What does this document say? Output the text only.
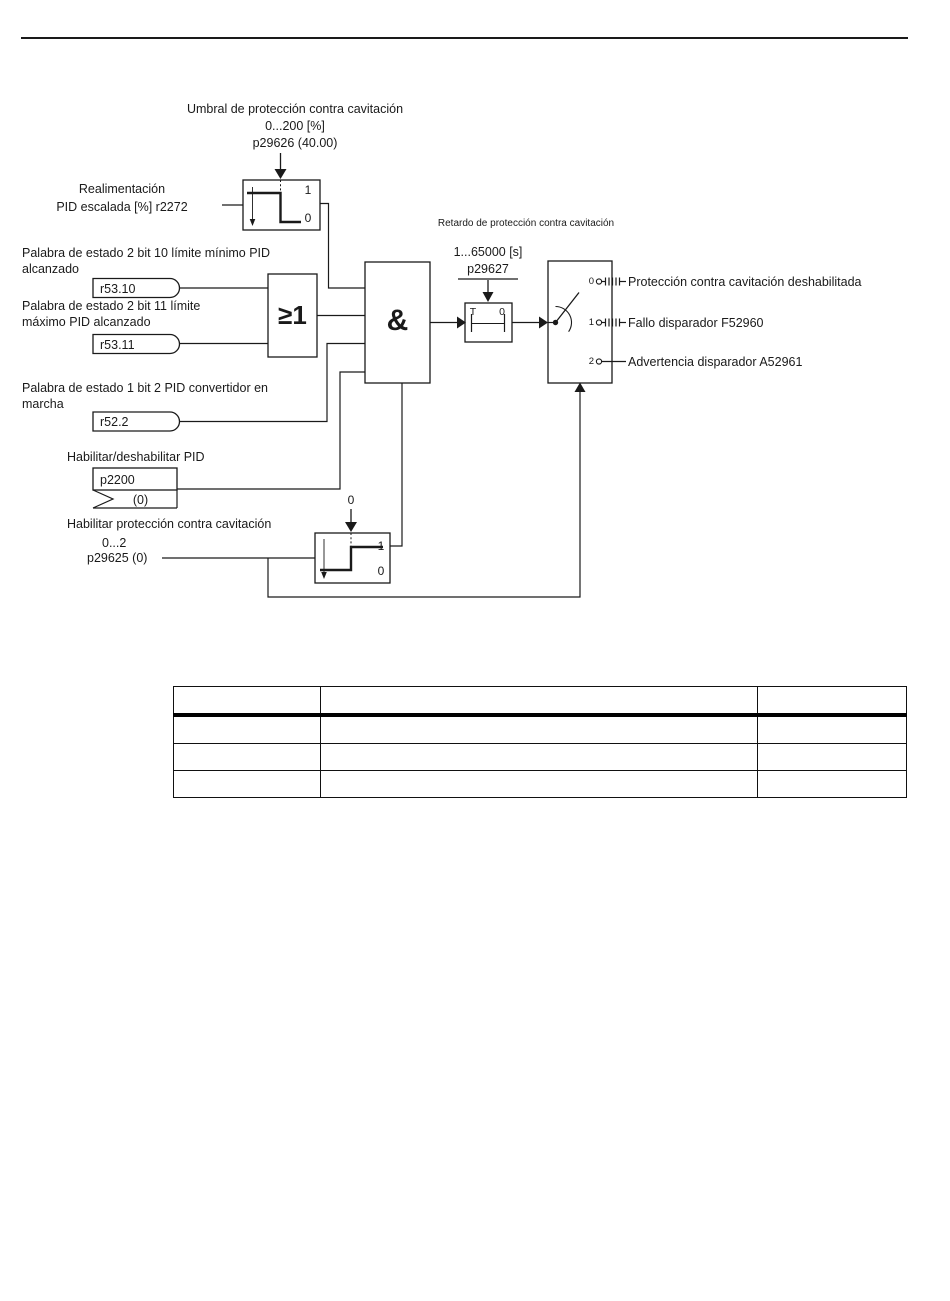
Umbral de protección contra cavitación
0...200 [%]
p29626 (40.00)
Realimentación
PID escalada [%] r2272
1
0
Palabra de estado 2 bit 10 límite mínimo PID
alcanzado
r53.10
Palabra de estado 2 bit 11 límite
máximo PID alcanzado
r53.11
≥1	&
Palabra de estado 1 bit 2 PID convertidor en
marcha
r52.2
Habilitar/deshabilitar PID
p2200
(0)
Habilitar protección contra cavitación
0...2
p29625 (0)
0
1
0
Retardo de protección contra cavitación
1...65000 [s]
p29627
T	0
0
1
2
Protección contra cavitación deshabilitada
Fallo disparador F52960
Advertencia disparador A52961
